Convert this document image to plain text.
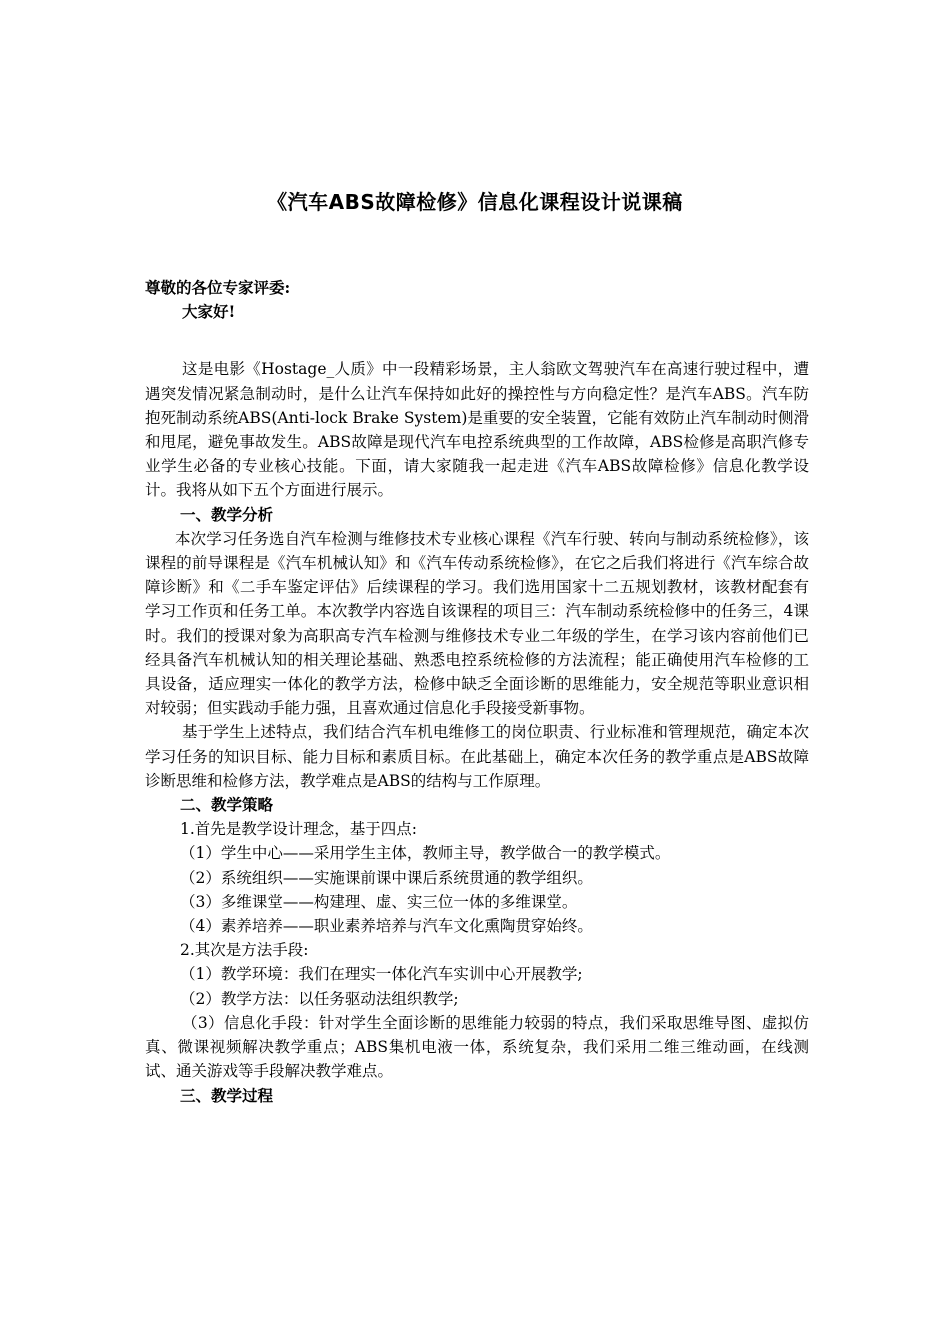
《汽车ABS故障检修》信息化课程设计说课稿

尊敬的各位专家评委:

大家好!

这是电影《Hostage_人质》中一段精彩场景，主人翁欧文驾驶汽车在高速行驶过程中，遭遇突发情况紧急制动时，是什么让汽车保持如此好的操控性与方向稳定性？是汽车ABS。汽车防抱死制动系统ABS(Anti-lock Brake System)是重要的安全装置，它能有效防止汽车制动时侧滑和甩尾，避免事故发生。ABS故障是现代汽车电控系统典型的工作故障，ABS检修是高职汽修专业学生必备的专业核心技能。下面，请大家随我一起走进《汽车ABS故障检修》信息化教学设计。我将从如下五个方面进行展示。

一、教学分析

本次学习任务选自汽车检测与维修技术专业核心课程《汽车行驶、转向与制动系统检修》，该课程的前导课程是《汽车机械认知》和《汽车传动系统检修》，在它之后我们将进行《汽车综合故障诊断》和《二手车鉴定评估》后续课程的学习。我们选用国家十二五规划教材，该教材配套有学习工作页和任务工单。本次教学内容选自该课程的项目三：汽车制动系统检修中的任务三，4课时。我们的授课对象为高职高专汽车检测与维修技术专业二年级的学生，在学习该内容前他们已经具备汽车机械认知的相关理论基础、熟悉电控系统检修的方法流程；能正确使用汽车检修的工具设备，适应理实一体化的教学方法，检修中缺乏全面诊断的思维能力，安全规范等职业意识相对较弱；但实践动手能力强，且喜欢通过信息化手段接受新事物。

基于学生上述特点，我们结合汽车机电维修工的岗位职责、行业标准和管理规范，确定本次学习任务的知识目标、能力目标和素质目标。在此基础上，确定本次任务的教学重点是ABS故障诊断思维和检修方法，教学难点是ABS的结构与工作原理。

二、教学策略

1.首先是教学设计理念，基于四点:

（1）学生中心——采用学生主体，教师主导，教学做合一的教学模式。

（2）系统组织——实施课前课中课后系统贯通的教学组织。

（3）多维课堂——构建理、虚、实三位一体的多维课堂。

（4）素养培养——职业素养培养与汽车文化熏陶贯穿始终。

2.其次是方法手段:

（1）教学环境：我们在理实一体化汽车实训中心开展教学;

（2）教学方法：以任务驱动法组织教学;

（3）信息化手段：针对学生全面诊断的思维能力较弱的特点，我们采取思维导图、虚拟仿真、微课视频解决教学重点；ABS集机电液一体，系统复杂，我们采用二维三维动画，在线测试、通关游戏等手段解决教学难点。

三、教学过程
